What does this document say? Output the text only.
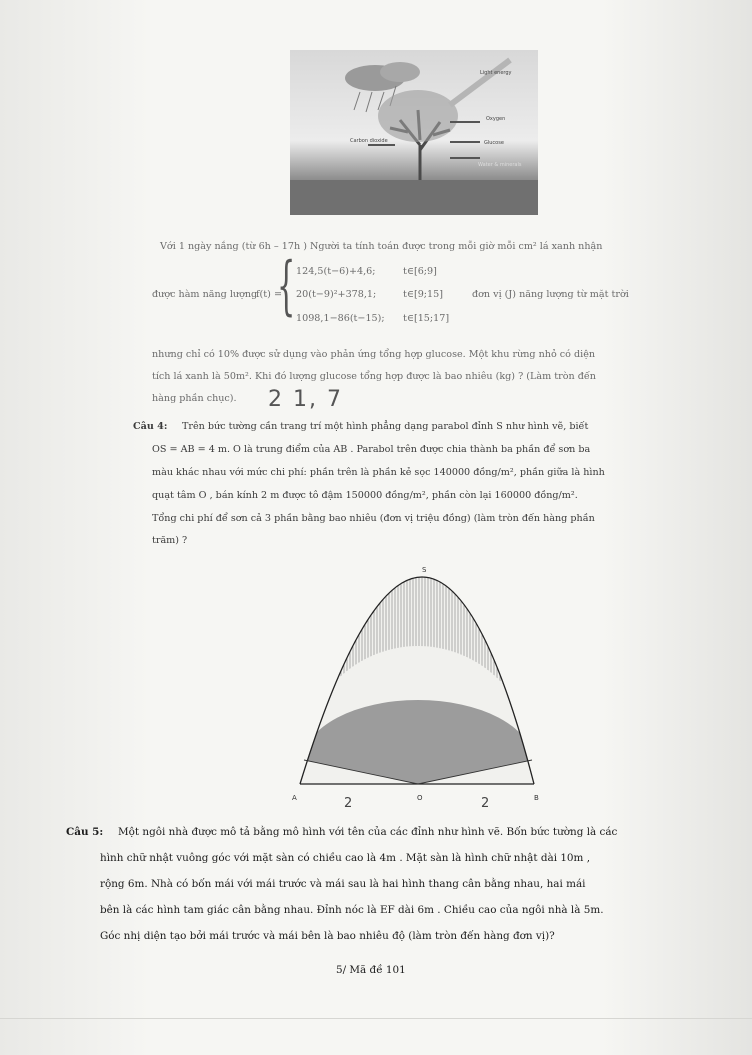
Light energy
Oxygen
Carbon dioxide	Glucose
Water & minerals
Với 1 ngày nắng (từ 6h – 17h ) Người ta tính toán được trong mỗi giờ mỗi cm² lá xanh nhận
được hàm năng lượng
f(t) =
{ 124,5(t−6)+4,6;	t∈[6;9]
20(t−9)²+378,1;	t∈[9;15]	đơn vị (J) năng lượng từ mặt trời
1098,1−86(t−15); t∈[15;17]
nhưng chỉ có 10% được sử dụng vào phản ứng tổng hợp glucose. Một khu rừng nhỏ có diện
tích lá xanh là 50m². Khi đó lượng glucose tổng hợp được là bao nhiêu (kg) ? (Làm tròn đến
hàng phần chục). 2 1, 7
Câu 4: Trên bức tường cần trang trí một hình phẳng dạng parabol đỉnh S như hình vẽ, biết
OS = AB = 4 m. O là trung điểm của AB . Parabol trên được chia thành ba phần để sơn ba
màu khác nhau với mức chi phí: phần trên là phần kẻ sọc 140000 đồng/m², phần giữa là hình
quạt tâm O , bán kính 2 m được tô đậm 150000 đồng/m², phần còn lại 160000 đồng/m².
Tổng chi phí để sơn cả 3 phần bằng bao nhiêu (đơn vị triệu đồng) (làm tròn đến hàng phần
trăm) ?
S
A	O	B
2	2
Câu 5: Một ngôi nhà được mô tả bằng mô hình với tên của các đỉnh như hình vẽ. Bốn bức tường là các
hình chữ nhật vuông góc với mặt sàn có chiều cao là 4m . Mặt sàn là hình chữ nhật dài 10m ,
rộng 6m. Nhà có bốn mái với mái trước và mái sau là hai hình thang cân bằng nhau, hai mái
bên là các hình tam giác cân bằng nhau. Đỉnh nóc là EF dài 6m . Chiều cao của ngôi nhà là 5m.
Góc nhị diện tạo bởi mái trước và mái bên là bao nhiêu độ (làm tròn đến hàng đơn vị)?
5/ Mã đề 101
